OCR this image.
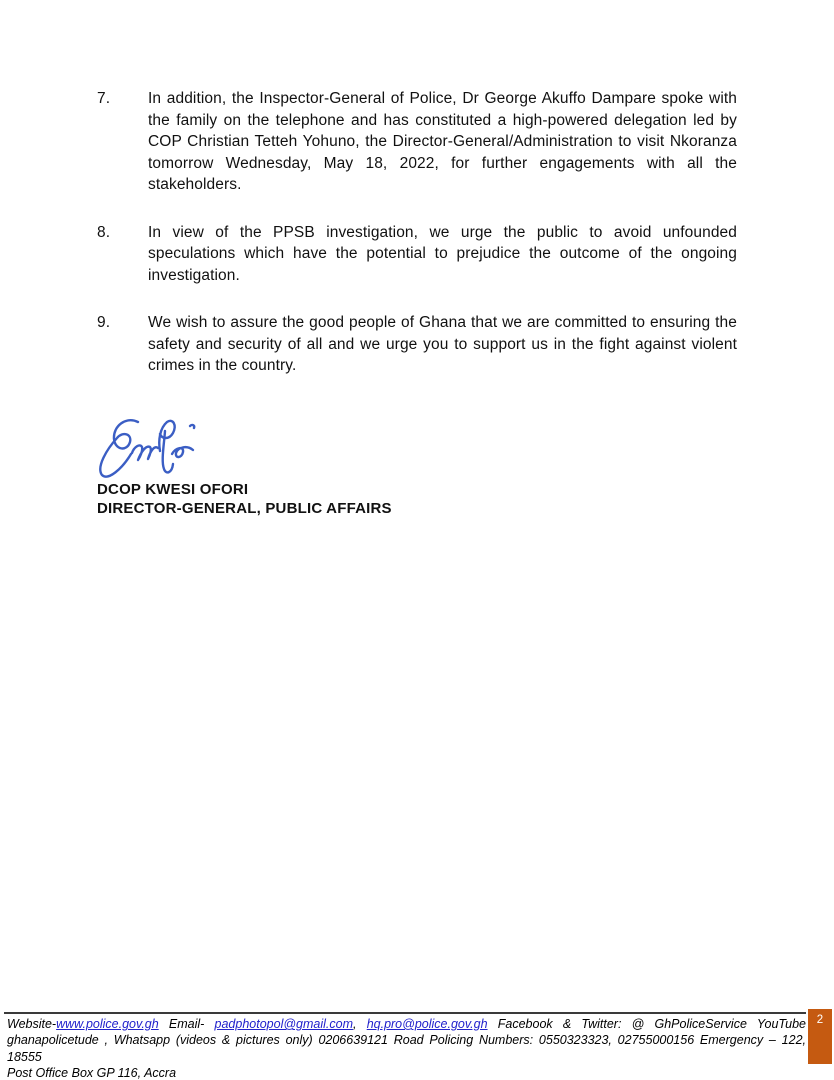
7.	In addition, the Inspector-General of Police, Dr George Akuffo Dampare spoke with the family on the telephone and has constituted a high-powered delegation led by COP Christian Tetteh Yohuno, the Director-General/Administration to visit Nkoranza tomorrow Wednesday, May 18, 2022, for further engagements with all the stakeholders.
8.	In view of the PPSB investigation, we urge the public to avoid unfounded speculations which have the potential to prejudice the outcome of the ongoing investigation.
9.	We wish to assure the good people of Ghana that we are committed to ensuring the safety and security of all and we urge you to support us in the fight against violent crimes in the country.
DCOP KWESI OFORI
DIRECTOR-GENERAL, PUBLIC AFFAIRS
Website-www.police.gov.gh Email- padphotopol@gmail.com, hq.pro@police.gov.gh Facebook & Twitter: @ GhPoliceService YouTube
ghanapolicetude , Whatsapp (videos & pictures only) 0206639121 Road Policing Numbers: 0550323323, 02755000156 Emergency – 122, 18555
Post Office Box GP 116, Accra
2
